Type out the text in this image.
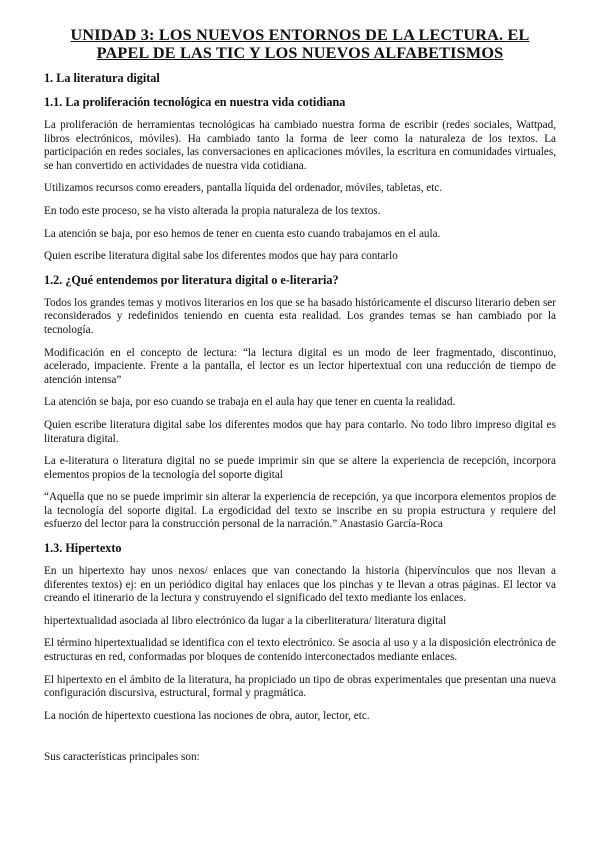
UNIDAD 3: LOS NUEVOS ENTORNOS DE LA LECTURA. EL PAPEL DE LAS TIC Y LOS NUEVOS ALFABETISMOS
1. La literatura digital
1.1. La proliferación tecnológica en nuestra vida cotidiana

La proliferación de herramientas tecnológicas ha cambiado nuestra forma de escribir (redes sociales, Wattpad, libros electrónicos, móviles). Ha cambiado tanto la forma de leer como la naturaleza de los textos. La participación en redes sociales, las conversaciones en aplicaciones móviles, la escritura en comunidades virtuales, se han convertido en actividades de nuestra vida cotidiana.

Utilizamos recursos como ereaders, pantalla líquida del ordenador, móviles, tabletas, etc.

En todo este proceso, se ha visto alterada la propia naturaleza de los textos.

La atención se baja, por eso hemos de tener en cuenta esto cuando trabajamos en el aula.

Quien escribe literatura digital sabe los diferentes modos que hay para contarlo

1.2. ¿Qué entendemos por literatura digital o e-literaria?

Todos los grandes temas y motivos literarios en los que se ha basado históricamente el discurso literario deben ser reconsiderados y redefinidos teniendo en cuenta esta realidad. Los grandes temas se han cambiado por la tecnología.

Modificación en el concepto de lectura: “la lectura digital es un modo de leer fragmentado, discontinuo, acelerado, impaciente. Frente a la pantalla, el lector es un lector hipertextual con una reducción de tiempo de atención intensa”

La atención se baja, por eso cuando se trabaja en el aula hay que tener en cuenta la realidad.

Quien escribe literatura digital sabe los diferentes modos que hay para contarlo. No todo libro impreso digital es literatura digital.

La e-literatura o literatura digital no se puede imprimir sin que se altere la experiencia de recepción, incorpora elementos propios de la tecnología del soporte digital

“Aquella que no se puede imprimir sin alterar la experiencia de recepción, ya que incorpora elementos propios de la tecnología del soporte digital. La ergodicidad del texto se inscribe en su propia estructura y requiere del esfuerzo del lector para la construcción personal de la narración.” Anastasio García-Roca

1.3. Hipertexto

En un hipertexto hay unos nexos/ enlaces que van conectando la historia (hipervínculos que nos llevan a diferentes textos) ej: en un periódico digital hay enlaces que los pinchas y te llevan a otras páginas. El lector va creando el itinerario de la lectura y construyendo el significado del texto mediante los enlaces.

hipertextualidad asociada al libro electrónico da lugar a la ciberliteratura/ literatura digital

El término hipertextualidad se identifica con el texto electrónico. Se asocia al uso y a la disposición electrónica de estructuras en red, conformadas por bloques de contenido interconectados mediante enlaces.

El hipertexto en el ámbito de la literatura, ha propiciado un tipo de obras experimentales que presentan una nueva configuración discursiva, estructural, formal y pragmática.

La noción de hipertexto cuestiona las nociones de obra, autor, lector, etc.

Sus características principales son:
